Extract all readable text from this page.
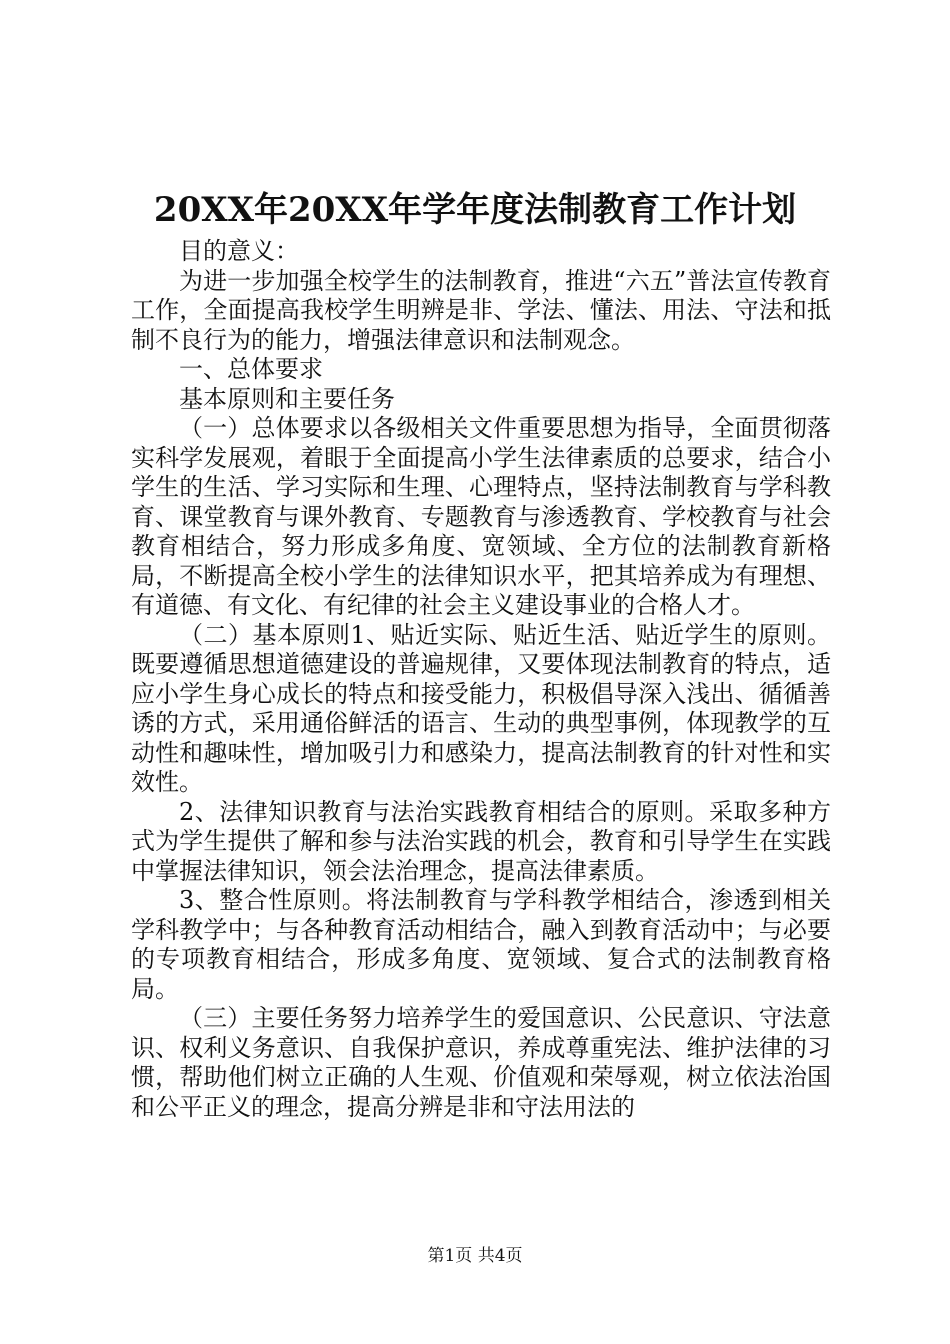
20XX年20XX年学年度法制教育工作计划

目的意义：

为进一步加强全校学生的法制教育，推进“六五”普法宣传教育工作，全面提高我校学生明辨是非、学法、懂法、用法、守法和抵制不良行为的能力，增强法律意识和法制观念。

一、总体要求

基本原则和主要任务

（一）总体要求以各级相关文件重要思想为指导，全面贯彻落实科学发展观，着眼于全面提高小学生法律素质的总要求，结合小学生的生活、学习实际和生理、心理特点，坚持法制教育与学科教育、课堂教育与课外教育、专题教育与渗透教育、学校教育与社会教育相结合，努力形成多角度、宽领域、全方位的法制教育新格局，不断提高全校小学生的法律知识水平，把其培养成为有理想、有道德、有文化、有纪律的社会主义建设事业的合格人才。

（二）基本原则1、贴近实际、贴近生活、贴近学生的原则。既要遵循思想道德建设的普遍规律，又要体现法制教育的特点，适应小学生身心成长的特点和接受能力，积极倡导深入浅出、循循善诱的方式，采用通俗鲜活的语言、生动的典型事例，体现教学的互动性和趣味性，增加吸引力和感染力，提高法制教育的针对性和实效性。

2、法律知识教育与法治实践教育相结合的原则。采取多种方式为学生提供了解和参与法治实践的机会，教育和引导学生在实践中掌握法律知识，领会法治理念，提高法律素质。

3、整合性原则。将法制教育与学科教学相结合，渗透到相关学科教学中；与各种教育活动相结合，融入到教育活动中；与必要的专项教育相结合，形成多角度、宽领域、复合式的法制教育格局。

（三）主要任务努力培养学生的爱国意识、公民意识、守法意识、权利义务意识、自我保护意识，养成尊重宪法、维护法律的习惯，帮助他们树立正确的人生观、价值观和荣辱观，树立依法治国和公平正义的理念，提高分辨是非和守法用法的

第1页 共4页
